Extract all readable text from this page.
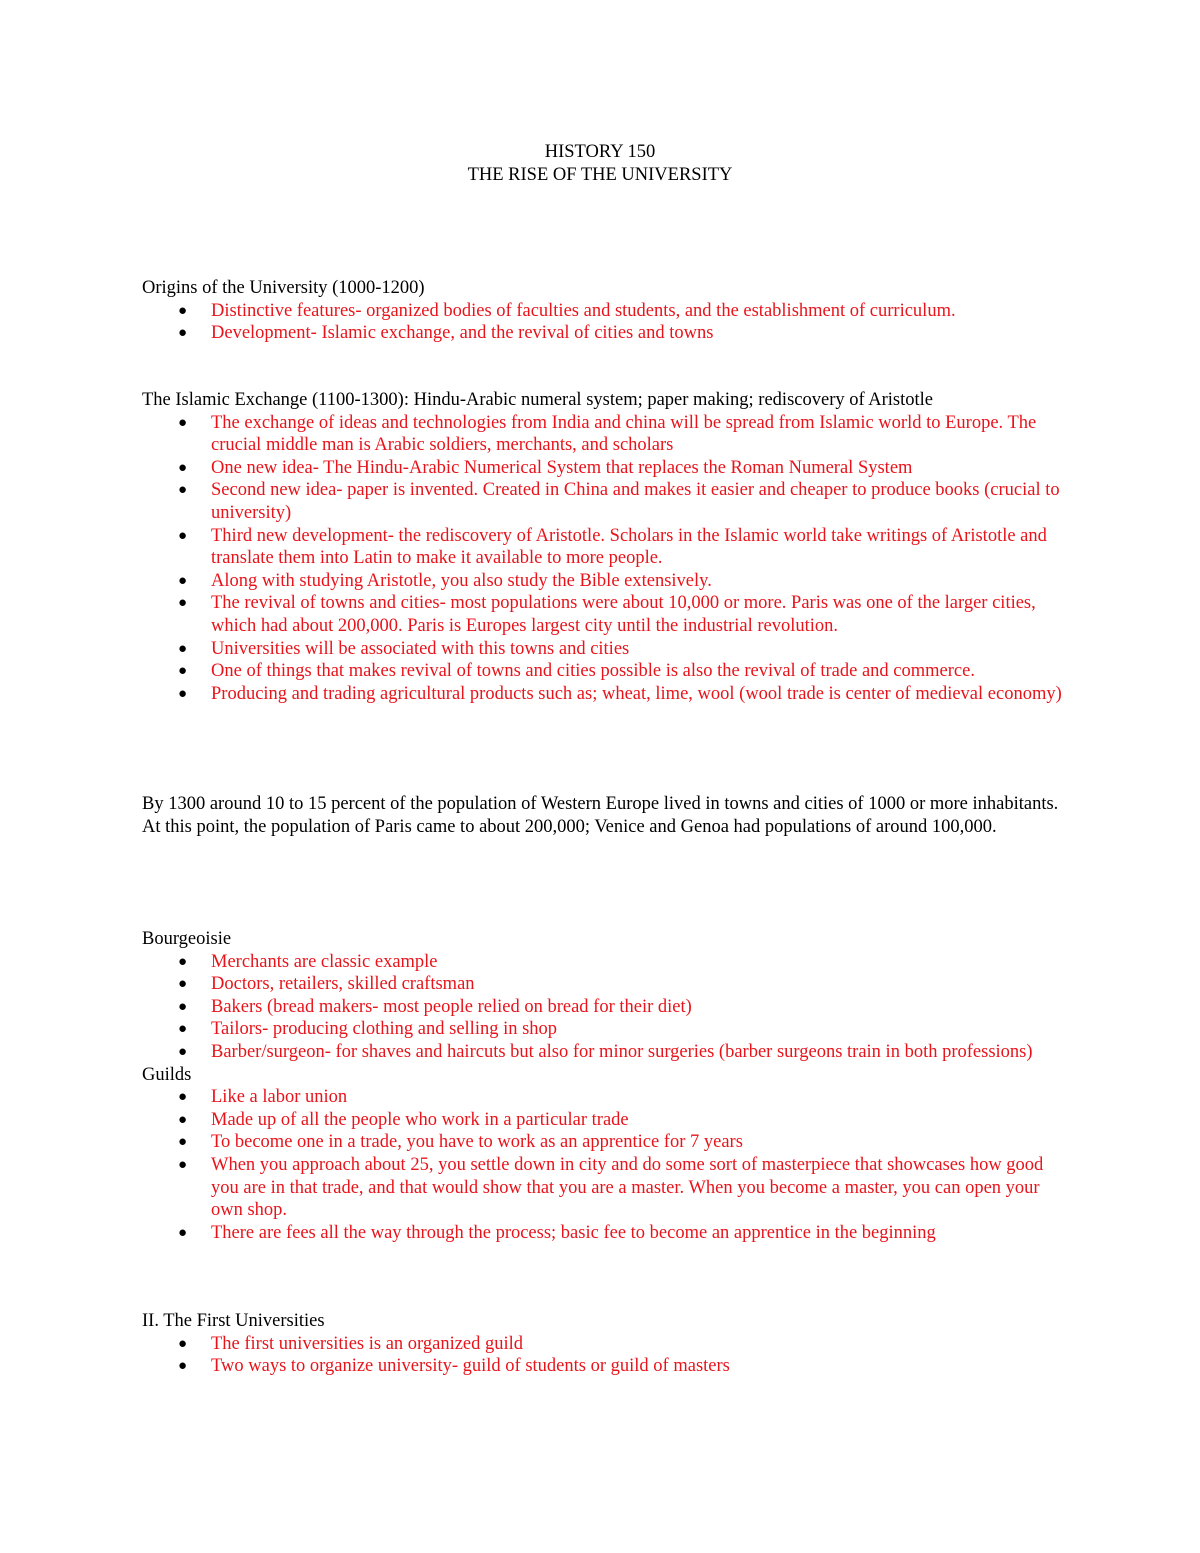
HISTORY 150
THE RISE OF THE UNIVERSITY
Origins of the University (1000-1200)
● Distinctive features- organized bodies of faculties and students, and the establishment of curriculum.
● Development- Islamic exchange, and the revival of cities and towns
The Islamic Exchange (1100-1300): Hindu-Arabic numeral system; paper making; rediscovery of Aristotle
● The exchange of ideas and technologies from India and china will be spread from Islamic world to Europe. The crucial middle man is Arabic soldiers, merchants, and scholars
● One new idea- The Hindu-Arabic Numerical System that replaces the Roman Numeral System
● Second new idea- paper is invented. Created in China and makes it easier and cheaper to produce books (crucial to university)
● Third new development- the rediscovery of Aristotle. Scholars in the Islamic world take writings of Aristotle and translate them into Latin to make it available to more people.
● Along with studying Aristotle, you also study the Bible extensively.
● The revival of towns and cities- most populations were about 10,000 or more. Paris was one of the larger cities, which had about 200,000. Paris is Europes largest city until the industrial revolution.
● Universities will be associated with this towns and cities
● One of things that makes revival of towns and cities possible is also the revival of trade and commerce.
● Producing and trading agricultural products such as; wheat, lime, wool (wool trade is center of medieval economy)
By 1300 around 10 to 15 percent of the population of Western Europe lived in towns and cities of 1000 or more inhabitants. At this point, the population of Paris came to about 200,000; Venice and Genoa had populations of around 100,000.
Bourgeoisie
● Merchants are classic example
● Doctors, retailers, skilled craftsman
● Bakers (bread makers- most people relied on bread for their diet)
● Tailors- producing clothing and selling in shop
● Barber/surgeon- for shaves and haircuts but also for minor surgeries (barber surgeons train in both professions)
Guilds
● Like a labor union
● Made up of all the people who work in a particular trade
● To become one in a trade, you have to work as an apprentice for 7 years
● When you approach about 25, you settle down in city and do some sort of masterpiece that showcases how good you are in that trade, and that would show that you are a master. When you become a master, you can open your own shop.
● There are fees all the way through the process; basic fee to become an apprentice in the beginning
II. The First Universities
● The first universities is an organized guild
● Two ways to organize university- guild of students or guild of masters
